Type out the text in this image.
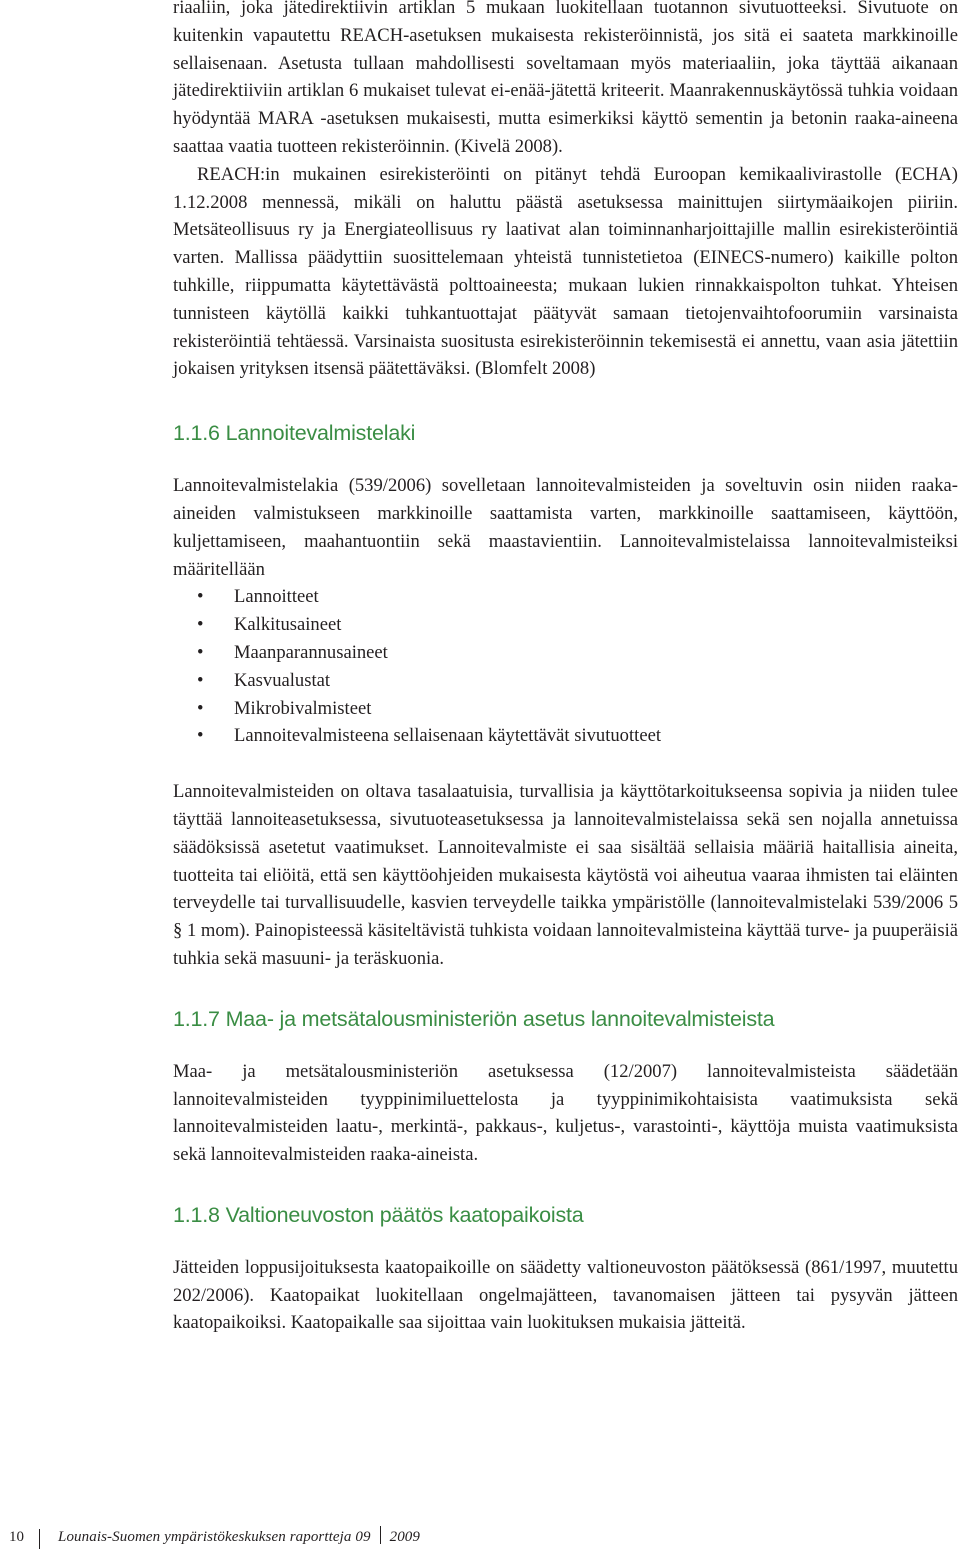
riaaliin, joka jätedirektiivin artiklan 5 mukaan luokitellaan tuotannon sivutuotteeksi. Sivutuote on kuitenkin vapautettu REACH-asetuksen mukaisesta rekisteröinnistä, jos sitä ei saateta markkinoille sellaisenaan. Asetusta tullaan mahdollisesti soveltamaan myös materiaaliin, joka täyttää aikanaan jätedirektiiviin artiklan 6 mukaiset tulevat ei-enää-jätettä kriteerit. Maanrakennuskäytössä tuhkia voidaan hyödyntää MARA -asetuksen mukaisesti, mutta esimerkiksi käyttö sementin ja betonin raaka-aineena saattaa vaatia tuotteen rekisteröinnin. (Kivelä 2008).

REACH:in mukainen esirekisteröinti on pitänyt tehdä Euroopan kemikaalivirastolle (ECHA) 1.12.2008 mennessä, mikäli on haluttu päästä asetuksessa mainittujen siirtymäaikojen piiriin. Metsäteollisuus ry ja Energiateollisuus ry laativat alan toiminnanharjoittajille mallin esirekisteröintiä varten. Mallissa päädyttiin suosittelemaan yhteistä tunnistetietoa (EINECS-numero) kaikille polton tuhkille, riippumatta käytettävästä polttoaineesta; mukaan lukien rinnakkaispolton tuhkat. Yhteisen tunnisteen käytöllä kaikki tuhkantuottajat päätyvät samaan tietojenvaihtofoorumiin varsinaista rekisteröintiä tehtäessä. Varsinaista suositusta esirekisteröinnin tekemisestä ei annettu, vaan asia jätettiin jokaisen yrityksen itsensä päätettäväksi. (Blomfelt 2008)

1.1.6 Lannoitevalmistelaki

Lannoitevalmistelakia (539/2006) sovelletaan lannoitevalmisteiden ja soveltuvin osin niiden raaka-aineiden valmistukseen markkinoille saattamista varten, markkinoille saattamiseen, käyttöön, kuljettamiseen, maahantuontiin sekä maastavientiin. Lannoitevalmistelaissa lannoitevalmisteiksi määritellään

• Lannoitteet
• Kalkitusaineet
• Maanparannusaineet
• Kasvualustat
• Mikrobivalmisteet
• Lannoitevalmisteena sellaisenaan käytettävät sivutuotteet

Lannoitevalmisteiden on oltava tasalaatuisia, turvallisia ja käyttötarkoitukseensa sopivia ja niiden tulee täyttää lannoiteasetuksessa, sivutuoteasetuksessa ja lannoitevalmistelaissa sekä sen nojalla annetuissa säädöksissä asetetut vaatimukset. Lannoitevalmiste ei saa sisältää sellaisia määriä haitallisia aineita, tuotteita tai eliöitä, että sen käyttöohjeiden mukaisesta käytöstä voi aiheutua vaaraa ihmisten tai eläinten terveydelle tai turvallisuudelle, kasvien terveydelle taikka ympäristölle (lannoitevalmistelaki 539/2006 5 § 1 mom). Painopisteessä käsiteltävistä tuhkista voidaan lannoitevalmisteina käyttää turve- ja puuperäisiä tuhkia sekä masuuni- ja teräskuonia.

1.1.7 Maa- ja metsätalousministeriön asetus lannoitevalmisteista

Maa- ja metsätalousministeriön asetuksessa (12/2007) lannoitevalmisteista säädetään lannoitevalmisteiden tyyppinimiluettelosta ja tyyppinimikohtaisista vaatimuksista sekä lannoitevalmisteiden laatu-, merkintä-, pakkaus-, kuljetus-, varastointi-, käyttöja muista vaatimuksista sekä lannoitevalmisteiden raaka-aineista.

1.1.8 Valtioneuvoston päätös kaatopaikoista

Jätteiden loppusijoituksesta kaatopaikoille on säädetty valtioneuvoston päätöksessä (861/1997, muutettu 202/2006). Kaatopaikat luokitellaan ongelmajätteen, tavanomaisen jätteen tai pysyvän jätteen kaatopaikoiksi. Kaatopaikalle saa sijoittaa vain luokituksen mukaisia jätteitä.

10 Lounais-Suomen ympäristökeskuksen raportteja 09 2009
